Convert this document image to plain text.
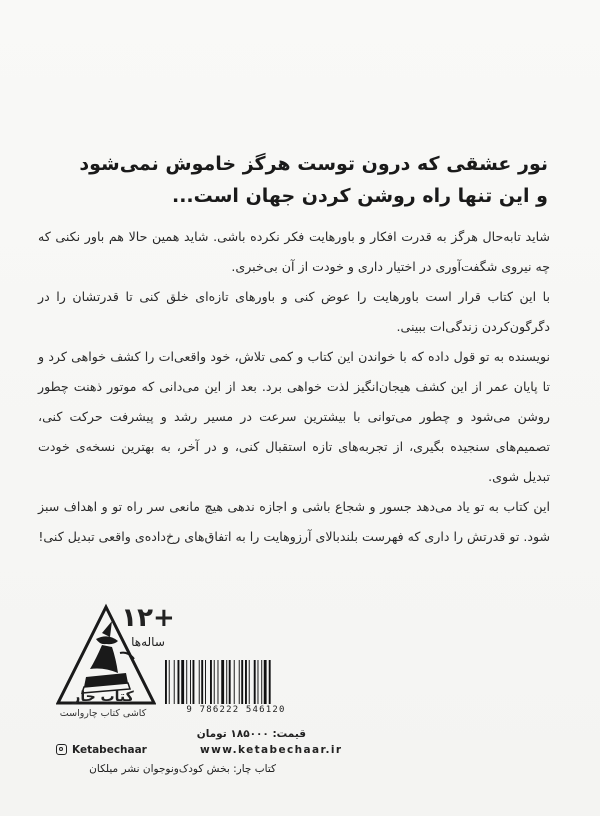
نور عشقی که درون توست هرگز خاموش نمی‌شود
و این تنها راه روشن کردن جهان است...

شاید تابه‌حال هرگز به قدرت افکار و باورهایت فکر نکرده باشی. شاید همین حالا هم باور نکنی که چه نیروی شگفت‌آوری در اختیار داری و خودت از آن بی‌خبری.

با این کتاب قرار است باورهایت را عوض کنی و باورهای تازه‌ای خلق کنی تا قدرتشان را در دگرگون‌کردن زندگی‌ات ببینی.

نویسنده به تو قول داده که با خواندن این کتاب و کمی تلاش، خود واقعی‌ات را کشف خواهی کرد و تا پایان عمر از این کشف هیجان‌انگیز لذت خواهی برد. بعد از این می‌دانی که موتور ذهنت چطور روشن می‌شود و چطور می‌توانی با بیشترین سرعت در مسیر رشد و پیشرفت حرکت کنی، تصمیم‌های سنجیده بگیری، از تجربه‌های تازه استقبال کنی، و در آخر، به بهترین نسخه‌ی خودت تبدیل شوی.

این کتاب به تو یاد می‌دهد جسور و شجاع باشی و اجازه ندهی هیچ مانعی سر راه تو و اهداف سبز شود. تو قدرتش را داری که فهرست بلندبالای آرزوهایت را به اتفاق‌های رخ‌داده‌ی واقعی تبدیل کنی!

کتاب چار
کاشی کتاب چارواست
+۱۲
ساله‌ها
9 786222 546120
قیمت: ۱۸۵۰۰۰ تومان
Ketabechaar	www.ketabechaar.ir
کتاب چار: بخش کودک‌ونوجوان نشر میلکان
